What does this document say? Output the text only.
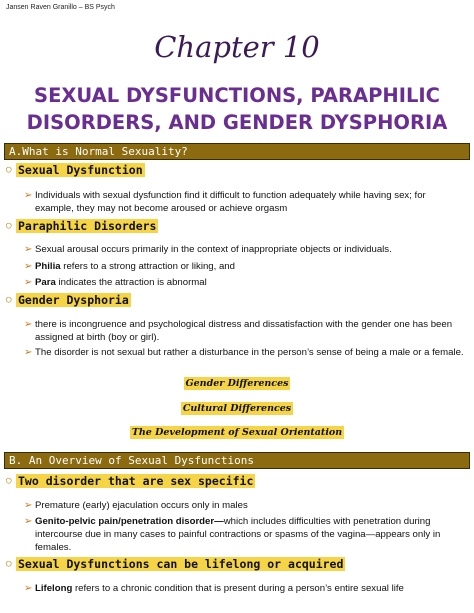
Jansen Raven Granillo – BS Psych
Chapter 10
SEXUAL DYSFUNCTIONS, PARAPHILIC
DISORDERS, AND GENDER DYSPHORIA
A.What is Normal Sexuality?
◯ Sexual Dysfunction
➢ Individuals with sexual dysfunction find it difficult to function adequately while having sex; for example, they may not become aroused or achieve orgasm
◯ Paraphilic Disorders
➢ Sexual arousal occurs primarily in the context of inappropriate objects or individuals.
➢ Philia refers to a strong attraction or liking, and
➢ Para indicates the attraction is abnormal
◯ Gender Dysphoria
➢ there is incongruence and psychological distress and dissatisfaction with the gender one has been assigned at birth (boy or girl).
➢ The disorder is not sexual but rather a disturbance in the person’s sense of being a male or a female.
Gender Differences
Cultural Differences
The Development of Sexual Orientation
B. An Overview of Sexual Dysfunctions
◯ Two disorder that are sex specific
➢ Premature (early) ejaculation occurs only in males
➢ Genito-pelvic pain/penetration disorder—which includes difficulties with penetration during intercourse due in many cases to painful contractions or spasms of the vagina—appears only in females.
◯ Sexual Dysfunctions can be lifelong or acquired
➢ Lifelong refers to a chronic condition that is present during a person’s entire sexual life
